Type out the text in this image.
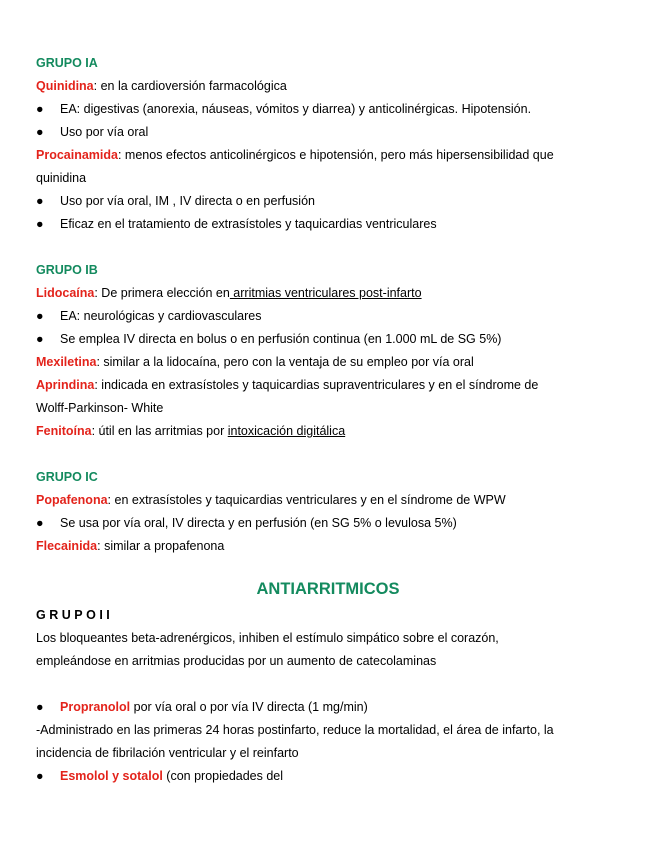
GRUPO IA
Quinidina: en la cardioversión farmacológica
● EA: digestivas (anorexia, náuseas, vómitos y diarrea) y anticolinérgicas. Hipotensión.
● Uso por vía oral
Procainamida: menos efectos anticolinérgicos e hipotensión, pero más hipersensibilidad que
quinidina
● Uso por vía oral, IM , IV directa o en perfusión
● Eficaz en el tratamiento de extrasístoles y taquicardias ventriculares
GRUPO IB
Lidocaína: De primera elección en arritmias ventriculares post-infarto
● EA: neurológicas y cardiovasculares
● Se emplea IV directa en bolus o en perfusión continua (en 1.000 mL de SG 5%)
Mexiletina: similar a la lidocaína, pero con la ventaja de su empleo por vía oral
Aprindina: indicada en extrasístoles y taquicardias supraventriculares y en el síndrome de
Wolff-Parkinson- White
Fenitoína: útil en las arritmias por intoxicación digitálica
GRUPO IC
Popafenona: en extrasístoles y taquicardias ventriculares y en el síndrome de WPW
● Se usa por vía oral, IV directa y en perfusión (en SG 5% o levulosa 5%)
Flecainida: similar a propafenona
ANTIARRITMICOS
GRUPOII
Los bloqueantes beta-adrenérgicos, inhiben el estímulo simpático sobre el corazón,
empleándose en arritmias producidas por un aumento de catecolaminas
● Propranolol por vía oral o por vía IV directa (1 mg/min)
-Administrado en las primeras 24 horas postinfarto, reduce la mortalidad, el área de infarto, la
incidencia de fibrilación ventricular y el reinfarto
● Esmolol y sotalol (con propiedades del
